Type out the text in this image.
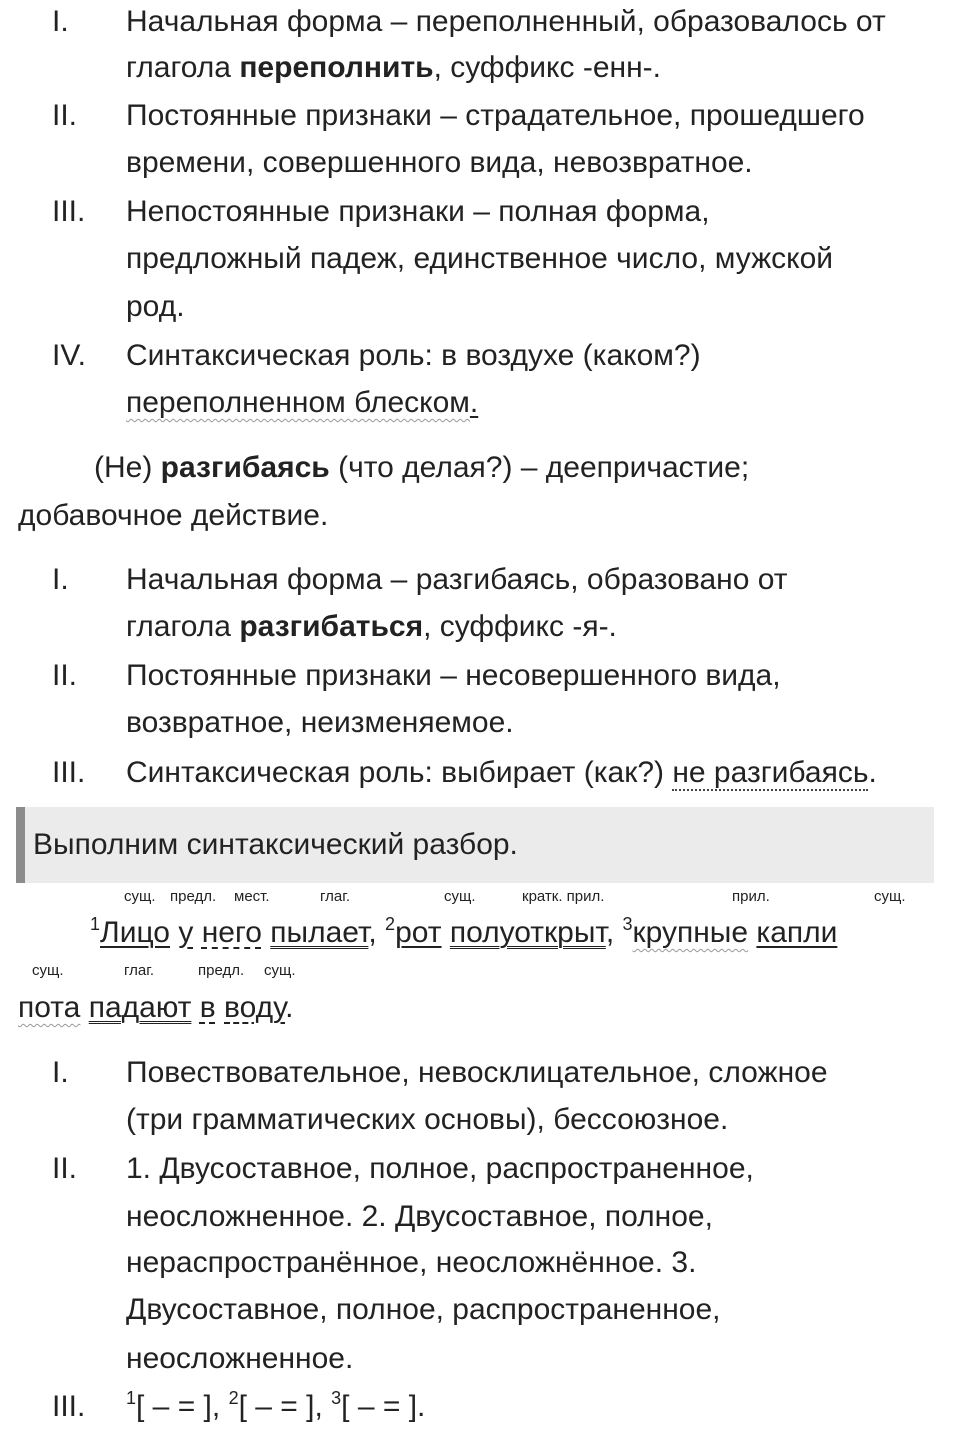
I. Начальная форма – переполненный, образовалось от
глагола переполнить, суффикс -енн-.
II. Постоянные признаки – страдательное, прошедшего
времени, совершенного вида, невозвратное.
III. Непостоянные признаки – полная форма,
предложный падеж, единственное число, мужской
род.
IV. Синтаксическая роль: в воздухе (каком?)
переполненном блеском.
(Не) разгибаясь (что делая?) – деепричастие;
добавочное действие.
I. Начальная форма – разгибаясь, образовано от
глагола разгибаться, суффикс -я-.
II. Постоянные признаки – несовершенного вида,
возвратное, неизменяемое.
III. Синтаксическая роль: выбирает (как?) не разгибаясь.
Выполним синтаксический разбор.
сущ. предл. мест.	глаг.	сущ.	кратк. прил.	прил.	сущ.
$^1$Лицо у него пылает, $^2$рот полуоткрыт, $^3$крупные капли
сущ.	глаг.	предл. сущ.
пота падают в воду.
I. Повествовательное, невосклицательное, сложное
(три грамматических основы), бессоюзное.
II. 1. Двусоставное, полное, распространенное,
неосложненное. 2. Двусоставное, полное,
нераспространённое, неосложнённое. 3.
Двусоставное, полное, распространенное,
неосложненное.
III. $^1$[ – = ], $^2$[ – = ], $^3$[ – = ].
